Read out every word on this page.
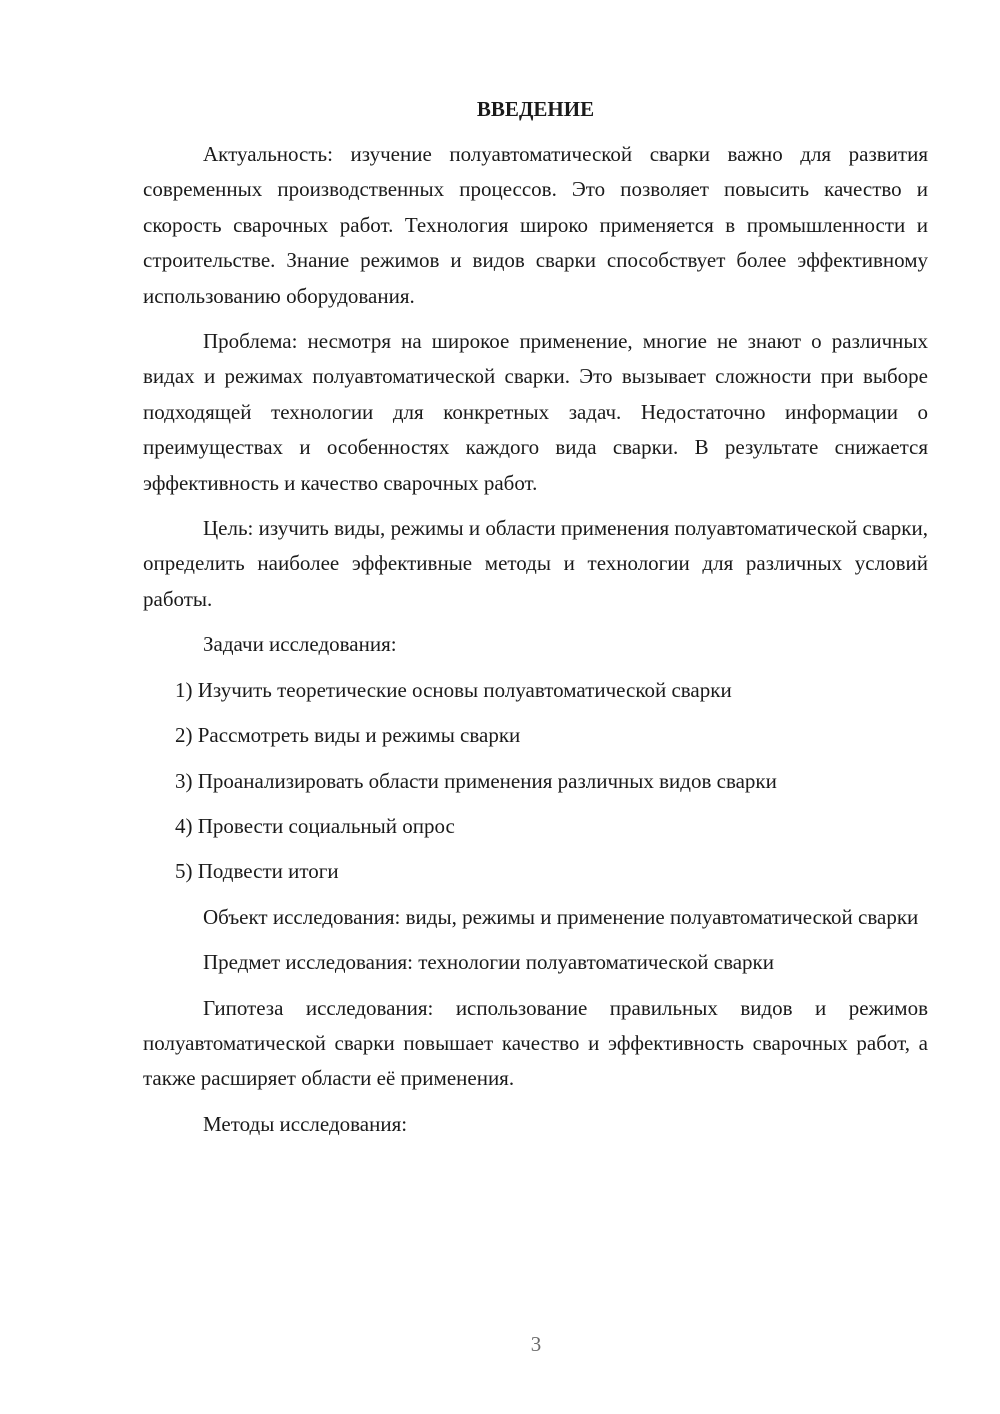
ВВЕДЕНИЕ
Актуальность: изучение полуавтоматической сварки важно для развития современных производственных процессов. Это позволяет повысить качество и скорость сварочных работ. Технология широко применяется в промышленности и строительстве. Знание режимов и видов сварки способствует более эффективному использованию оборудования.
Проблема: несмотря на широкое применение, многие не знают о различных видах и режимах полуавтоматической сварки. Это вызывает сложности при выборе подходящей технологии для конкретных задач. Недостаточно информации о преимуществах и особенностях каждого вида сварки. В результате снижается эффективность и качество сварочных работ.
Цель: изучить виды, режимы и области применения полуавтоматической сварки, определить наиболее эффективные методы и технологии для различных условий работы.
Задачи исследования:
1) Изучить теоретические основы полуавтоматической сварки
2) Рассмотреть виды и режимы сварки
3) Проанализировать области применения различных видов сварки
4) Провести социальный опрос
5) Подвести итоги
Объект исследования: виды, режимы и применение полуавтоматической сварки
Предмет исследования: технологии полуавтоматической сварки
Гипотеза исследования: использование правильных видов и режимов полуавтоматической сварки повышает качество и эффективность сварочных работ, а также расширяет области её применения.
Методы исследования:
3
